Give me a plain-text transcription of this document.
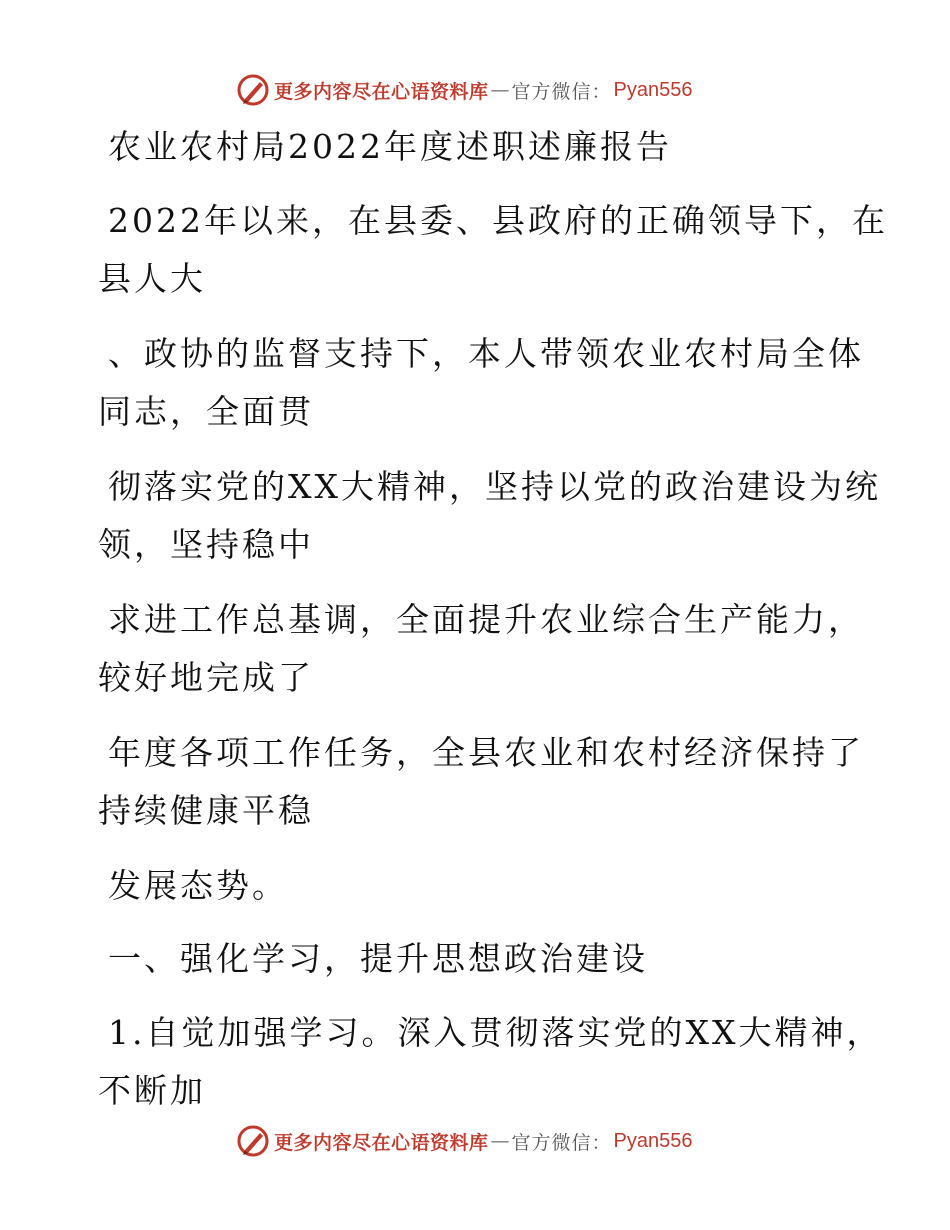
更多内容尽在心语资料库 — 官方微信： Pyan556
农业农村局2022年度述职述廉报告
2022年以来，在县委、县政府的正确领导下，在
县人大
、政协的监督支持下，本人带领农业农村局全体
同志，全面贯
彻落实党的XX大精神，坚持以党的政治建设为统
领，坚持稳中
求进工作总基调，全面提升农业综合生产能力，
较好地完成了
年度各项工作任务，全县农业和农村经济保持了
持续健康平稳
发展态势。
一、强化学习，提升思想政治建设
1.自觉加强学习。深入贯彻落实党的XX大精神，
不断加
更多内容尽在心语资料库 — 官方微信： Pyan556
